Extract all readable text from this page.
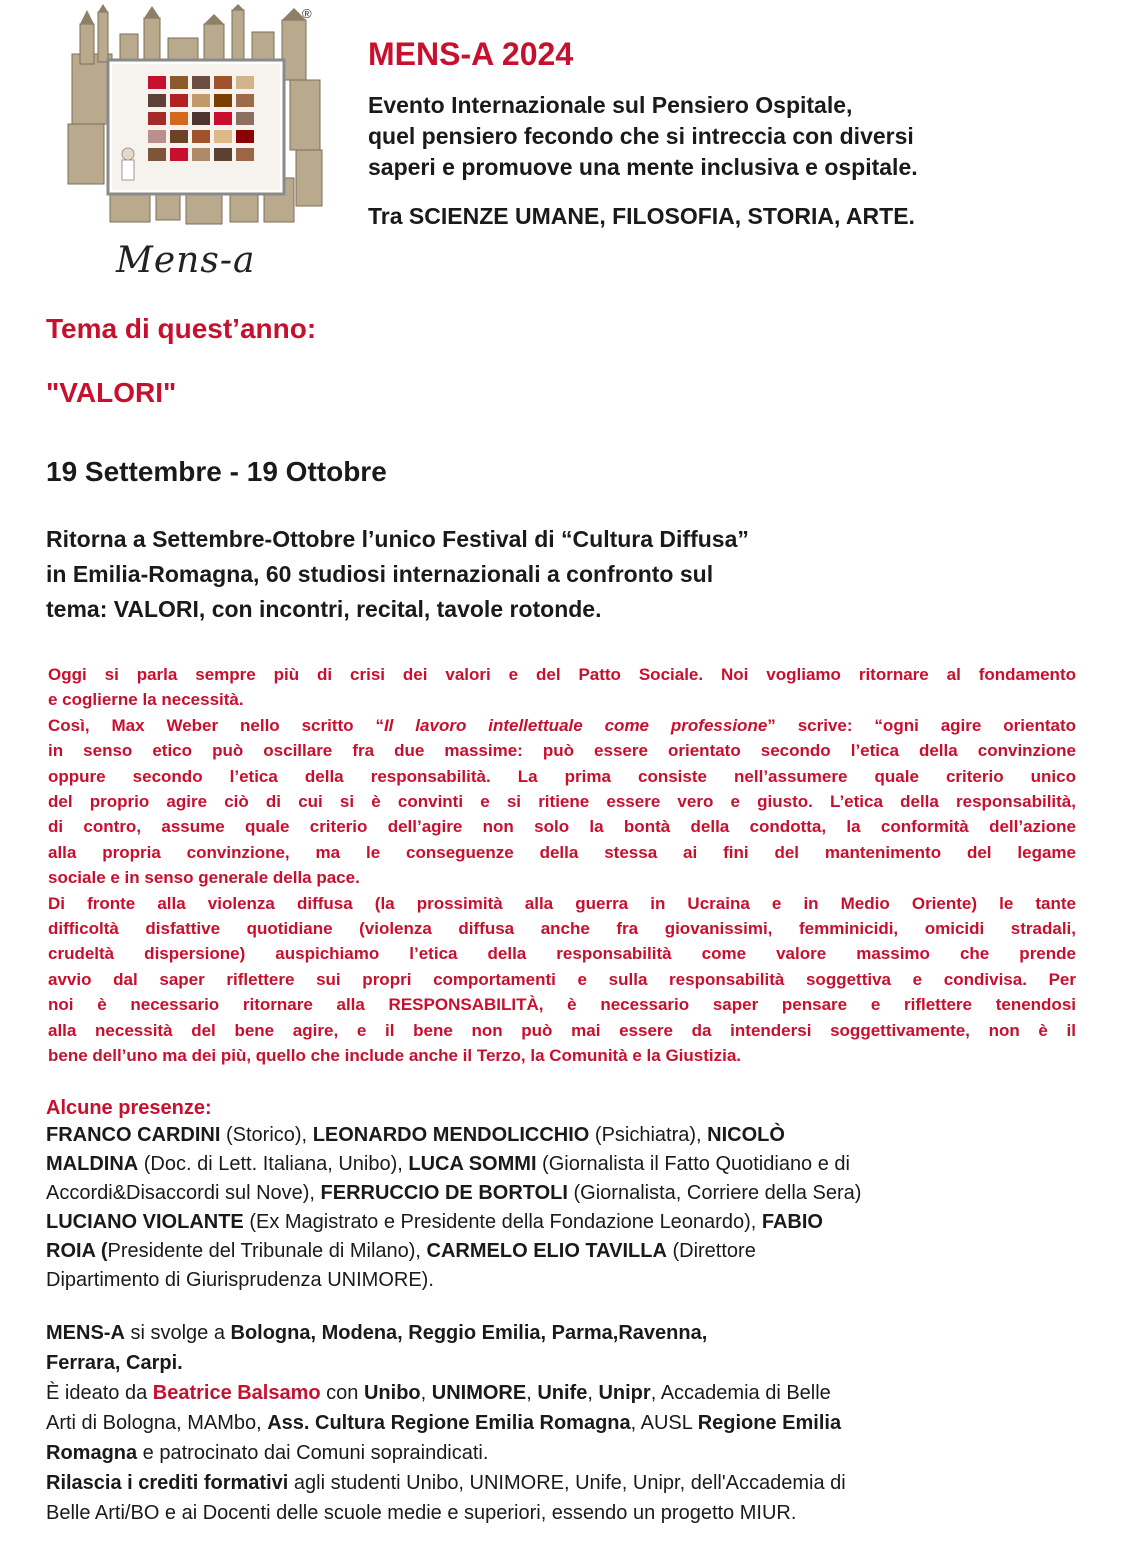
®
Mens-a
MENS-A 2024
Evento Internazionale sul Pensiero Ospitale,
quel pensiero fecondo che si intreccia con diversi
saperi e promuove una mente inclusiva e ospitale.
Tra SCIENZE UMANE, FILOSOFIA, STORIA, ARTE.
Tema di quest’anno:
"VALORI"
19 Settembre - 19 Ottobre
Ritorna a Settembre-Ottobre l’unico Festival di “Cultura Diffusa”
in Emilia-Romagna, 60 studiosi internazionali a confronto sul
tema: VALORI, con incontri, recital, tavole rotonde.
Oggi si parla sempre più di crisi dei valori e del Patto Sociale. Noi vogliamo ritornare al fondamento
e coglierne la necessità.
Così, Max Weber nello scritto “Il lavoro intellettuale come professione” scrive: “ogni agire orientato
in senso etico può oscillare fra due massime: può essere orientato secondo l’etica della convinzione
oppure secondo l’etica della responsabilità. La prima consiste nell’assumere quale criterio unico
del proprio agire ciò di cui si è convinti e si ritiene essere vero e giusto. L’etica della responsabilità,
di contro, assume quale criterio dell’agire non solo la bontà della condotta, la conformità dell’azione
alla propria convinzione, ma le conseguenze della stessa ai fini del mantenimento del legame
sociale e in senso generale della pace.
Di fronte alla violenza diffusa (la prossimità alla guerra in Ucraina e in Medio Oriente) le tante
difficoltà disfattive quotidiane (violenza diffusa anche fra giovanissimi, femminicidi, omicidi stradali,
crudeltà dispersione) auspichiamo l’etica della responsabilità come valore massimo che prende
avvio dal saper riflettere sui propri comportamenti e sulla responsabilità soggettiva e condivisa. Per
noi è necessario ritornare alla RESPONSABILITÀ, è necessario saper pensare e riflettere tenendosi
alla necessità del bene agire, e il bene non può mai essere da intendersi soggettivamente, non è il
bene dell’uno ma dei più, quello che include anche il Terzo, la Comunità e la Giustizia.
Alcune presenze:
FRANCO CARDINI (Storico), LEONARDO MENDOLICCHIO (Psichiatra), NICOLÒ
MALDINA (Doc. di Lett. Italiana, Unibo), LUCA SOMMI (Giornalista il Fatto Quotidiano e di
Accordi&Disaccordi sul Nove), FERRUCCIO DE BORTOLI (Giornalista, Corriere della Sera)
LUCIANO VIOLANTE (Ex Magistrato e Presidente della Fondazione Leonardo), FABIO
ROIA (Presidente del Tribunale di Milano), CARMELO ELIO TAVILLA (Direttore
Dipartimento di Giurisprudenza UNIMORE).
MENS-A si svolge a Bologna, Modena, Reggio Emilia, Parma,Ravenna,
Ferrara, Carpi.
È ideato da Beatrice Balsamo con Unibo, UNIMORE, Unife, Unipr, Accademia di Belle
Arti di Bologna, MAMbo, Ass. Cultura Regione Emilia Romagna, AUSL Regione Emilia
Romagna e patrocinato dai Comuni sopraindicati.
Rilascia i crediti formativi agli studenti Unibo, UNIMORE, Unife, Unipr, dell'Accademia di
Belle Arti/BO e ai Docenti delle scuole medie e superiori, essendo un progetto MIUR.
